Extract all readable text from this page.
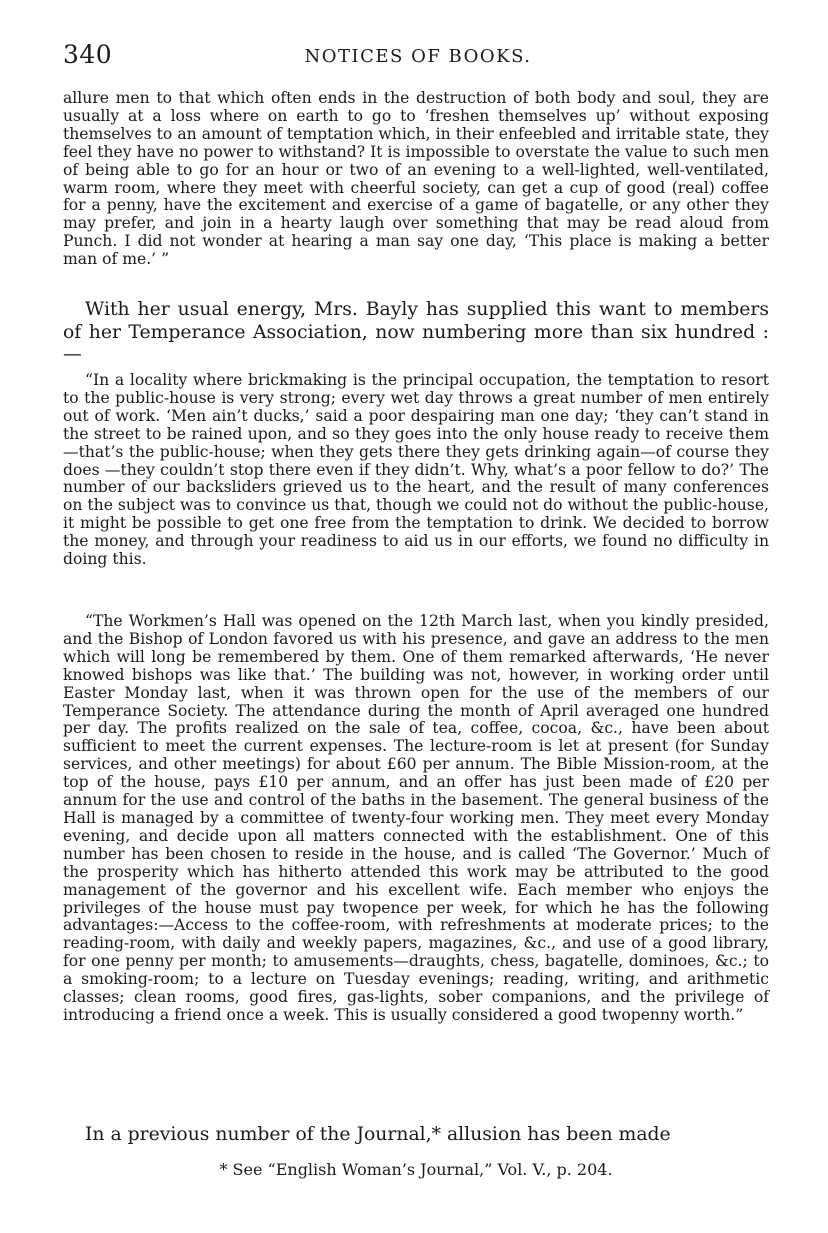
340	NOTICES OF BOOKS.

allure men to that which often ends in the destruction of both body and soul, they are usually at a loss where on earth to go to ‘freshen themselves up’ without exposing themselves to an amount of temptation which, in their enfeebled and irritable state, they feel they have no power to withstand? It is impossible to overstate the value to such men of being able to go for an hour or two of an evening to a well-lighted, well-ventilated, warm room, where they meet with cheerful society, can get a cup of good (real) coffee for a penny, have the excitement and exercise of a game of bagatelle, or any other they may prefer, and join in a hearty laugh over something that may be read aloud from Punch. I did not wonder at hearing a man say one day, ‘This place is making a better man of me.’ ”

With her usual energy, Mrs. Bayly has supplied this want to members of her Temperance Association, now numbering more than six hundred :—

“In a locality where brickmaking is the principal occupation, the temptation to resort to the public-house is very strong; every wet day throws a great number of men entirely out of work. ‘Men ain’t ducks,’ said a poor despairing man one day; ‘they can’t stand in the street to be rained upon, and so they goes into the only house ready to receive them—that’s the public-house; when they gets there they gets drinking again—of course they does —they couldn’t stop there even if they didn’t. Why, what’s a poor fellow to do?’ The number of our backsliders grieved us to the heart, and the result of many conferences on the subject was to convince us that, though we could not do without the public-house, it might be possible to get one free from the temptation to drink. We decided to borrow the money, and through your readiness to aid us in our efforts, we found no difficulty in doing this.

“The Workmen’s Hall was opened on the 12th March last, when you kindly presided, and the Bishop of London favored us with his presence, and gave an address to the men which will long be remembered by them. One of them remarked afterwards, ‘He never knowed bishops was like that.’ The building was not, however, in working order until Easter Monday last, when it was thrown open for the use of the members of our Temperance Society. The attendance during the month of April averaged one hundred per day. The profits realized on the sale of tea, coffee, cocoa, &c., have been about sufficient to meet the current expenses. The lecture-room is let at present (for Sunday services, and other meetings) for about £60 per annum. The Bible Mission-room, at the top of the house, pays £10 per annum, and an offer has just been made of £20 per annum for the use and control of the baths in the basement. The general business of the Hall is managed by a committee of twenty-four working men. They meet every Monday evening, and decide upon all matters connected with the establishment. One of this number has been chosen to reside in the house, and is called ‘The Governor.’ Much of the prosperity which has hitherto attended this work may be attributed to the good management of the governor and his excellent wife. Each member who enjoys the privileges of the house must pay twopence per week, for which he has the following advantages:—Access to the coffee-room, with refreshments at moderate prices; to the reading-room, with daily and weekly papers, magazines, &c., and use of a good library, for one penny per month; to amusements—draughts, chess, bagatelle, dominoes, &c.; to a smoking-room; to a lecture on Tuesday evenings; reading, writing, and arithmetic classes; clean rooms, good fires, gas-lights, sober companions, and the privilege of introducing a friend once a week. This is usually considered a good twopenny worth.”

In a previous number of the Journal,* allusion has been made

* See “English Woman’s Journal,” Vol. V., p. 204.
